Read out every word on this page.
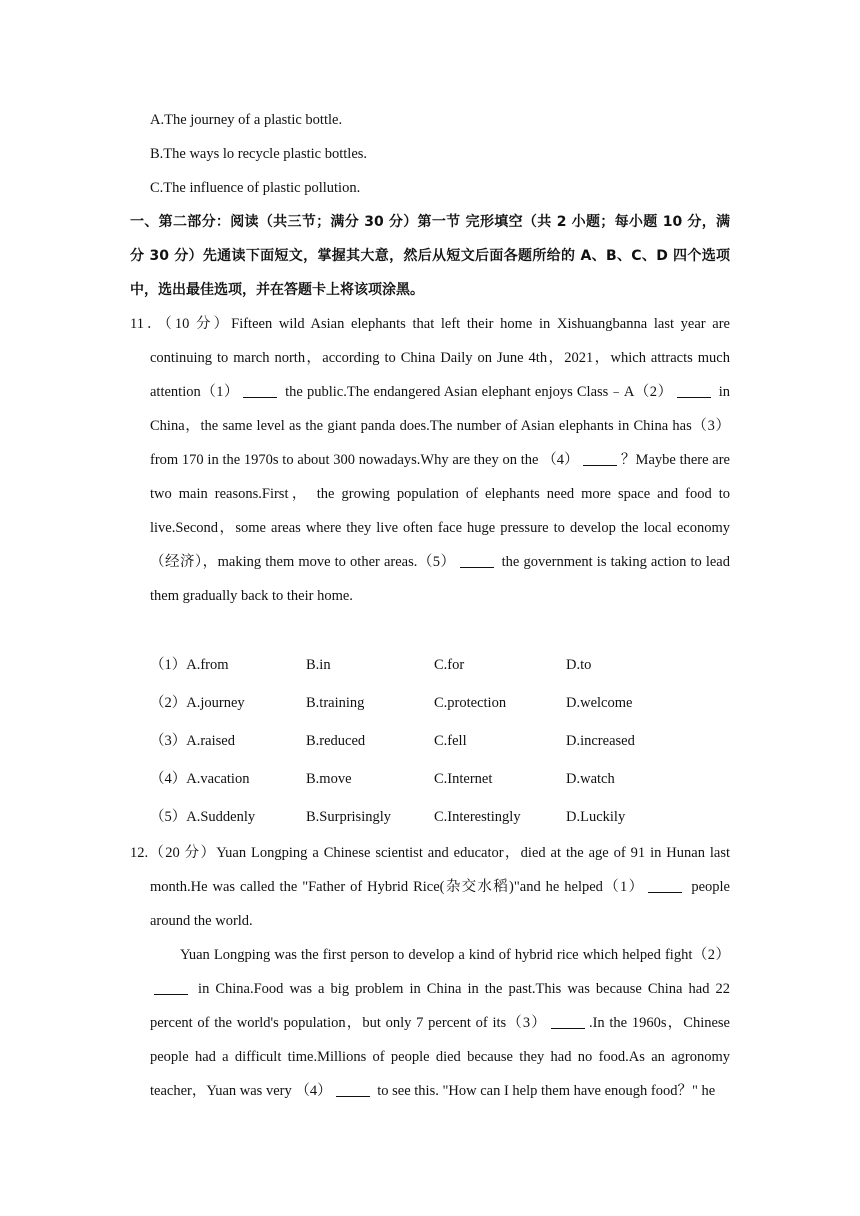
A.The journey of a plastic bottle.
B.The ways lo recycle plastic bottles.
C.The influence of plastic pollution.
一、第二部分：阅读（共三节；满分 30 分）第一节 完形填空（共 2 小题；每小题 10 分，满分 30 分）先通读下面短文，掌握其大意，然后从短文后面各题所给的 A、B、C、D 四个选项中，选出最佳选项，并在答题卡上将该项涂黑。

11．（10 分）Fifteen wild Asian elephants that left their home in Xishuangbanna last year are continuing to march north，according to China Daily on June 4th，2021，which attracts much attention（1）	the public.The endangered Asian elephant enjoys Class﹣A（2）	in China，the same level as the giant panda does.The number of Asian elephants in China has（3）from 170 in the 1970s to about 300 nowadays.Why are they on the （4）	？Maybe there are two main reasons.First， the growing population of elephants need more space and food to live.Second，some areas where they live often face huge pressure to develop the local economy（经济），making them move to other areas.（5）	the government is taking action to lead them gradually back to their home.

（1）A.from	B.in	C.for	D.to
（2）A.journey	B.training	C.protection	D.welcome
（3）A.raised	B.reduced	C.fell	D.increased
（4）A.vacation	B.move	C.Internet	D.watch
（5）A.Suddenly	B.Surprisingly	C.Interestingly	D.Luckily

12.（20 分）Yuan Longping a Chinese scientist and educator，died at the age of 91 in Hunan last month.He was called the "Father of Hybrid Rice(杂交水稻)"and he helped（1）	people around the world.

Yuan Longping was the first person to develop a kind of hybrid rice which helped fight（2） in China.Food was a big problem in China in the past.This was because China had 22 percent of the world's population，but only 7 percent of its（3）	.In the 1960s，Chinese people had a difficult time.Millions of people died because they had no food.As an agronomy teacher，Yuan was very （4）	to see this. "How can I help them have enough food？" he
